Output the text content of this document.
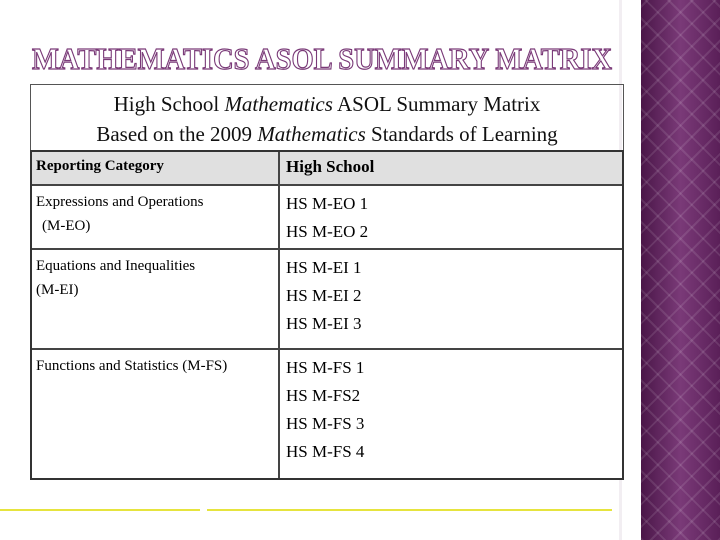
MATHEMATICS ASOL SUMMARY MATRIX
High School Mathematics ASOL Summary Matrix
Based on the 2009 Mathematics Standards of Learning
Reporting Category	High School
Expressions and Operations
(M-EO)
HS M-EO 1
HS M-EO 2
Equations and Inequalities
(M-EI)
HS M-EI 1
HS M-EI 2
HS M-EI 3
Functions and Statistics (M-FS)	HS M-FS 1
HS M-FS2
HS M-FS 3
HS M-FS 4
